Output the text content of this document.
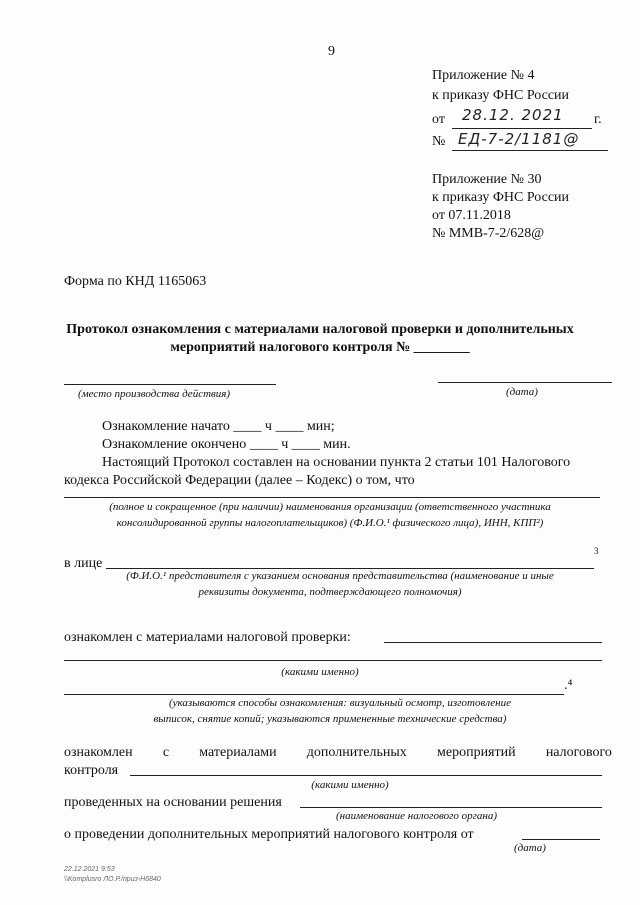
9
Приложение № 4
к приказу ФНС России
от 28.12. 2021 г.
№ ЕД-7-2/1181@
Приложение № 30
к приказу ФНС России
от 07.11.2018
№ ММВ-7-2/628@
Форма по КНД 1165063
Протокол ознакомления с материалами налоговой проверки и дополнительных
мероприятий налогового контроля № ________
(место производства действия)	(дата)
Ознакомление начато ____ ч ____ мин;
Ознакомление окончено ____ ч ____ мин.
Настоящий Протокол составлен на основании пункта 2 статьи 101 Налогового
кодекса Российской Федерации (далее – Кодекс) о том, что
(полное и сокращенное (при наличии) наименования организации (ответственного участника
консолидированной группы налогоплательщиков) (Ф.И.О.¹ физического лица), ИНН, КПП²)
в лице
3
(Ф.И.О.¹ представителя с указанием основания представительства (наименование и иные
реквизиты документа, подтверждающего полномочия)
ознакомлен с материалами налоговой проверки:
(какими именно)
.⁴
(указываются способы ознакомления: визуальный осмотр, изготовление
выписок, снятие копий; указываются примененные технические средства)
ознакомлен с материалами дополнительных мероприятий налогового
контроля
(какими именно)
проведенных на основании решения
(наименование налогового органа)
о проведении дополнительных мероприятий налогового контроля от
(дата)
22.12.2021 9:53
\\Komplusro ЛО.Р./приз-Н6840
